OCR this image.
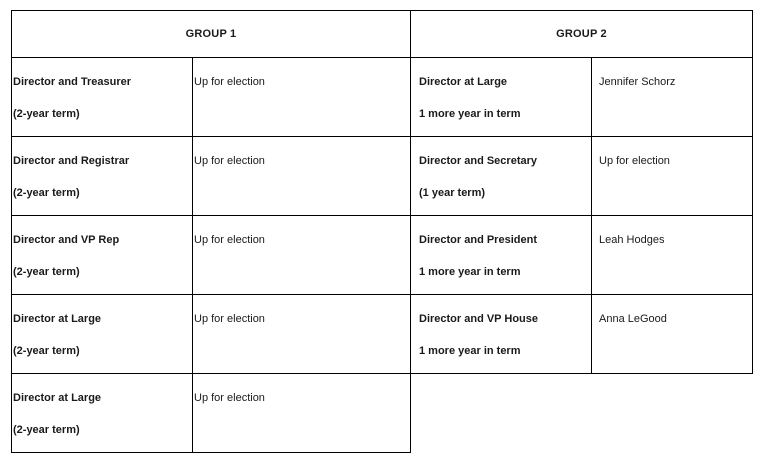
GROUP 1	GROUP 2
Director and Treasurer
(2-year term)
Up for election
Director and Registrar
(2-year term)
Up for election
Director and VP Rep
(2-year term)
Up for election
Director at Large
(2-year term)
Up for election
Director at Large
(2-year term)
Up for election
Director at Large
1 more year in term
Jennifer Schorz
Director and Secretary
(1 year term)
Up for election
Director and President
1 more year in term
Leah Hodges
Director and VP House
1 more year in term
Anna LeGood
